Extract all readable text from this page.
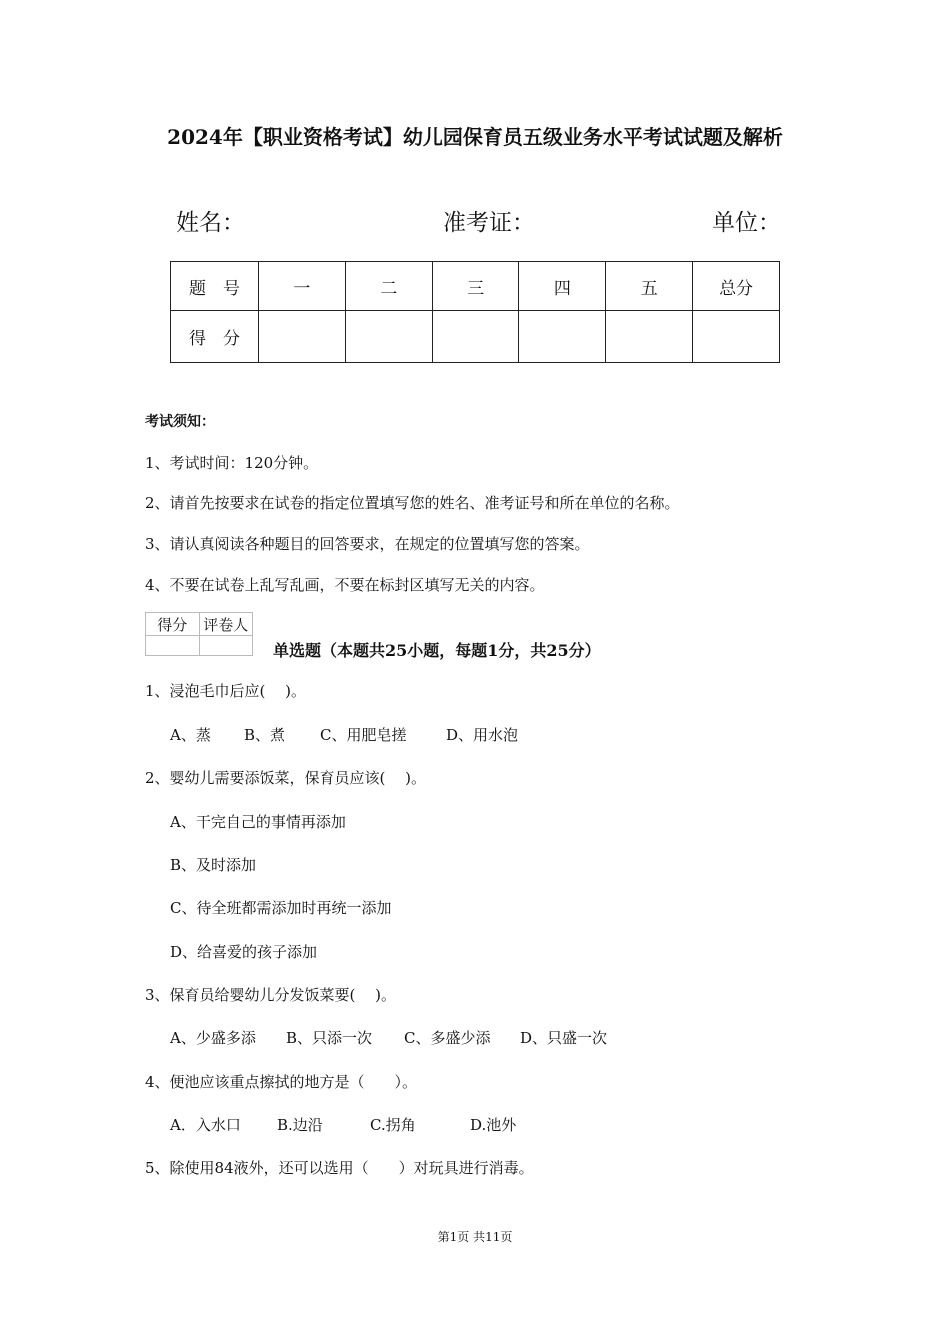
2024年【职业资格考试】幼儿园保育员五级业务水平考试试题及解析
姓名：	准考证：	单位：
题　号	一	二	三	四	五	总分
得　分						
考试须知：
1、考试时间：120分钟。
2、请首先按要求在试卷的指定位置填写您的姓名、准考证号和所在单位的名称。
3、请认真阅读各种题目的回答要求，在规定的位置填写您的答案。
4、不要在试卷上乱写乱画，不要在标封区填写无关的内容。
得分	评卷人

单选题（本题共25小题，每题1分，共25分）
1、浸泡毛巾后应(　 )。
A、蒸 B、煮 C、用肥皂搓	D、用水泡
2、婴幼儿需要添饭菜，保育员应该(　 )。
A、干完自己的事情再添加
B、及时添加
C、待全班都需添加时再统一添加
D、给喜爱的孩子添加
3、保育员给婴幼儿分发饭菜要(　 )。
A、少盛多添 B、只添一次 C、多盛少添 D、只盛一次
4、便池应该重点擦拭的地方是（　　）。
A．入水口 B.边沿	C.拐角	D.池外
5、除使用84液外，还可以选用（　　）对玩具进行消毒。
第1页 共11页
